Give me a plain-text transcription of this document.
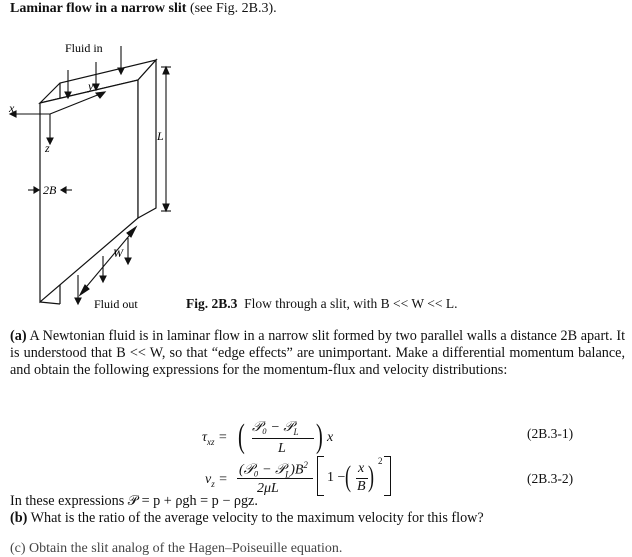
Laminar flow in a narrow slit (see Fig. 2B.3).
Fluid in
Fluid out
x
y
z
2B
L
W
Fig. 2B.3 Flow through a slit, with B << W << L.
(a) A Newtonian fluid is in laminar flow in a narrow slit formed by two parallel walls a distance 2B apart. It is understood that B << W, so that “edge effects” are unimportant. Make a differential momentum balance, and obtain the following expressions for the momentum-flux and velocity distributions:
$\tau_{xz}$ = ( 𝒫₀ − 𝒫$_L$
L ) x	(2B.3-1)
$v_z$ =
(𝒫₀ − $𝒫_L)B^2$
2μL
1 − ( x
B ) 2
(2B.3-2)
In these expressions 𝒫 = p + ρgh = p − ρgz.
(b) What is the ratio of the average velocity to the maximum velocity for this flow?
(c) Obtain the slit analog of the Hagen–Poiseuille equation.
